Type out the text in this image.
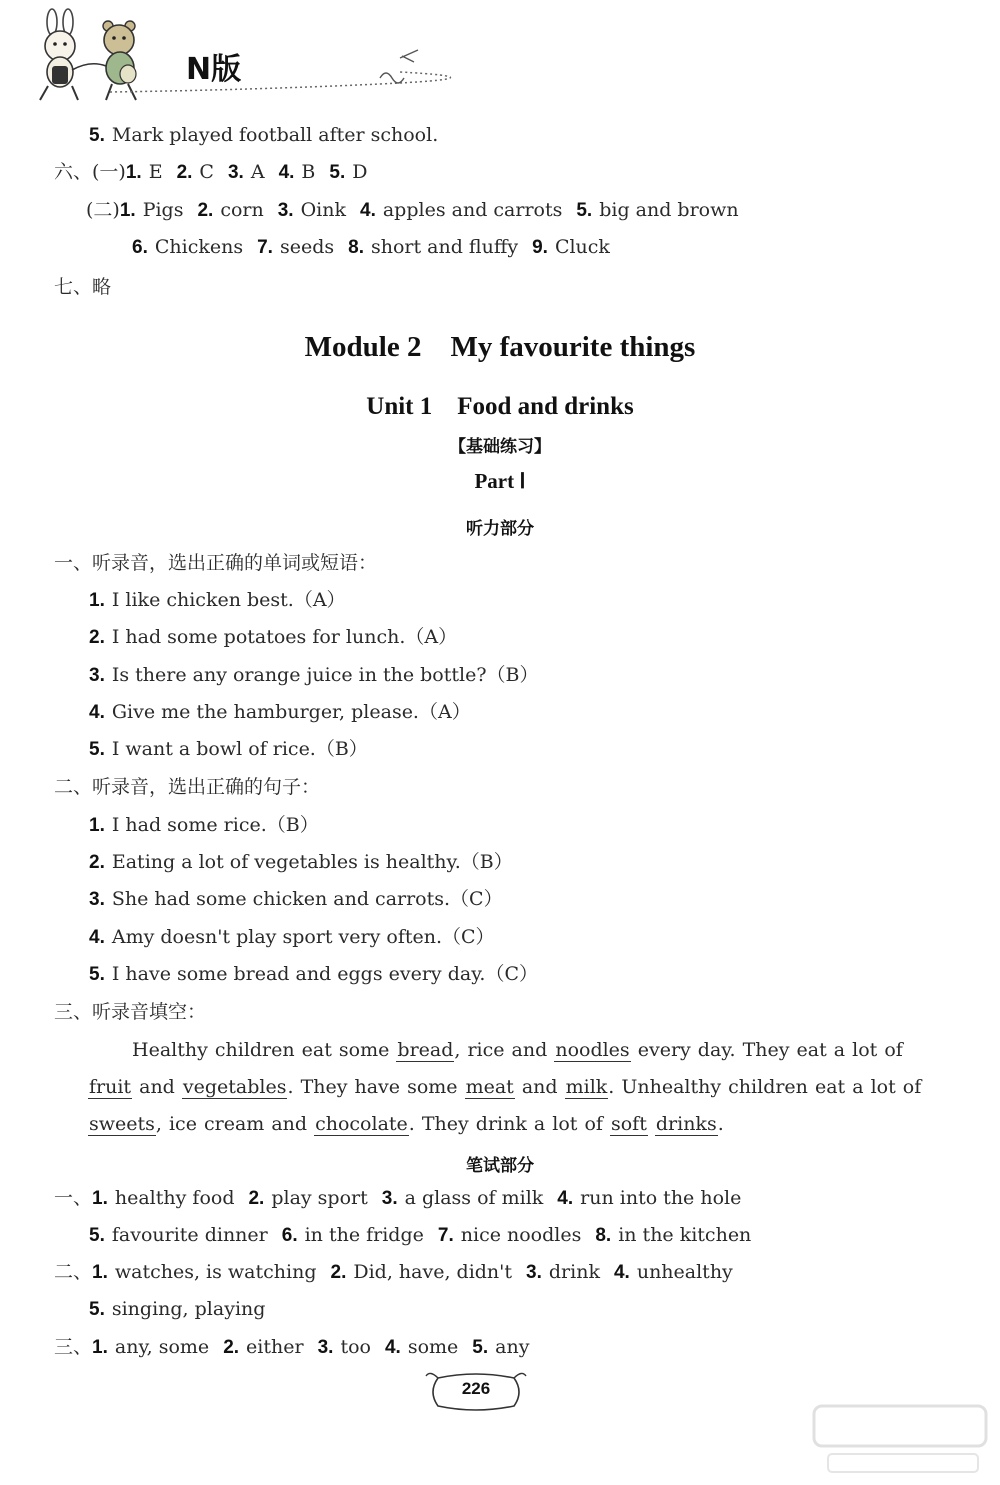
N版
5. Mark played football after school.
六、(一)1. E 2. C 3. A 4. B 5. D
(二)1. Pigs 2. corn 3. Oink 4. apples and carrots 5. big and brown
6. Chickens 7. seeds 8. short and fluffy 9. Cluck
七、略
Module 2　My favourite things
Unit 1　Food and drinks
【基础练习】
Part Ⅰ
听力部分
一、听录音，选出正确的单词或短语：
1. I like chicken best.（A）
2. I had some potatoes for lunch.（A）
3. Is there any orange juice in the bottle?（B）
4. Give me the hamburger, please.（A）
5. I want a bowl of rice.（B）
二、听录音，选出正确的句子：
1. I had some rice.（B）
2. Eating a lot of vegetables is healthy.（B）
3. She had some chicken and carrots.（C）
4. Amy doesn't play sport very often.（C）
5. I have some bread and eggs every day.（C）
三、听录音填空：
Healthy children eat some bread, rice and noodles every day. They eat a lot of
fruit and vegetables. They have some meat and milk. Unhealthy children eat a lot of
sweets, ice cream and chocolate. They drink a lot of soft drinks.
笔试部分
一、1. healthy food 2. play sport 3. a glass of milk 4. run into the hole
5. favourite dinner 6. in the fridge 7. nice noodles 8. in the kitchen
二、1. watches, is watching 2. Did, have, didn't 3. drink 4. unhealthy
5. singing, playing
三、1. any, some 2. either 3. too 4. some 5. any
226
